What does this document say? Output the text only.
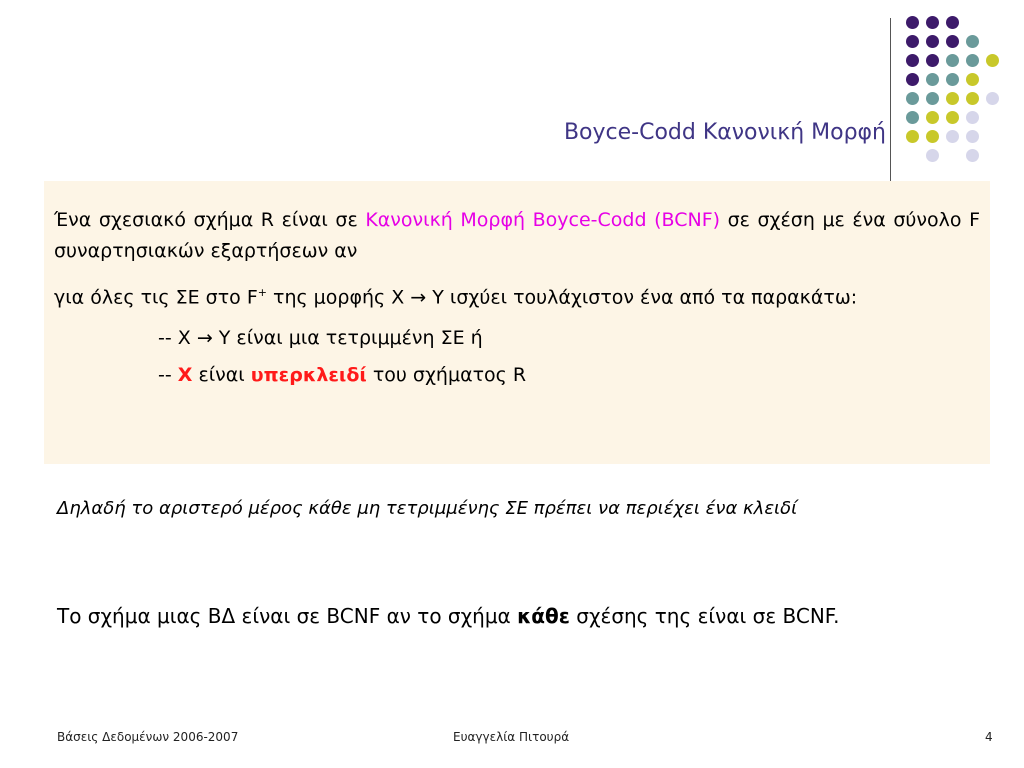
Boyce-Codd Κανονική Μορφή

Ένα σχεσιακό σχήμα R είναι σε Κανονική Μορφή Boyce-Codd (BCNF) σε σχέση με ένα σύνολο F συναρτησιακών εξαρτήσεων αν

για όλες τις ΣΕ στο F+ της μορφής X → Y ισχύει τουλάχιστον ένα από τα παρακάτω:

-- X → Y είναι μια τετριμμένη ΣΕ ή

-- X είναι υπερκλειδί του σχήματος R

Δηλαδή το αριστερό μέρος κάθε μη τετριμμένης ΣΕ πρέπει να περιέχει ένα κλειδί
Το σχήμα μιας ΒΔ είναι σε BCNF αν το σχήμα κάθε σχέσης της είναι σε BCNF.
Βάσεις Δεδομένων 2006-2007	Ευαγγελία Πιτουρά	4
